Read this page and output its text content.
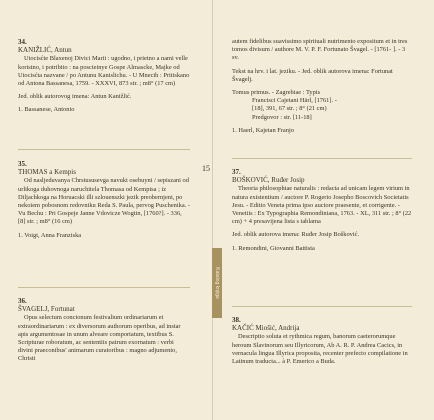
34.
KANIŽLIĆ, Antun
Utocisćte Blaxenoj Divici Marii : ugodno, i prietno a nami velle koristno, i potribito : na poscteinye Gospe Almascke, Majke od Utocisćta nazvane / po Antunu Kanislichu. - U Mnecih : Pritiskano od Antona Bassanesa, 1759. - XXXVI, 873 str. ; m8° (17 cm)
Jed. oblik autorovog imena: Antun Kanižlić.
1. Bassanese, Antonio
35.
THOMAS a Kempis
Od nasljeduvanya Chrstususevga navuki osebuyni / sepiszani od urlikoga duhovnoga naruchitela Thomasa od Kempisa ; iz Diljachkoga na Horuacski illi szlouenszki jezik preobernjeni, po nekoiem pobosnom redovniku Reda S. Paula, pervog Puschenika. - Vu Bechu : Pri Gospeje Janne Vdovicze Wogtin, [1760?]. - 336, [8] str. ; m8° (16 cm)
1. Voigt, Anna Franziska
36.
ŠVAGELJ, Fortunat
Opus selectum concionum festivalium ordinariarum et extraordinariarum : ex diversorum authorum operibus, ad instar apis argumentosae in unum alveare comportatum, textibus S. Scripturae roboratum, ac sententiis patrum exornatum : verbi divini praeconibus' animarum curatoribus : magno adjumento, Christi
15
Katalog knjiga
autem fidelibus suavissimo spirituali nutrimento expositum et in tres tomos divisum / authore M. V. P. F. Fortunato Švagel. - [1761- ]. - 3 sv.
Tekst na hrv. i lat. jeziku. - Jed. oblik autorova imena: Fortunat Švagelj.
Tomus primus. - Zagrebiae : Typis
Francisci Cajetani Härl, [1761]. -
[18], 391, 67 str. ; 8° (21 cm)
Predgovor : str. [11-18]
1. Haerl, Kajetan Franjo
37.
BOŠKOVIĆ, Ruđer Josip
Theoria philosophiae naturalis : redacta ad unicam legem virium in natura existentium / auctore P. Rogerio Josepho Boscovich Societatis Jesu. - Editio Veneta prima ipso auctore praesente, et corrigente. - Venetiis : Ex Typographia Remondiniana, 1763. - XL, 311 str. ; 8° (22 cm) + 4 presavijena lista s tablama
Jed. oblik autorova imena: Ruđer Josip Bošković.
1. Remondini, Giovanni Battista
38.
KAČIĆ Miošić, Andrija
Descriptio soluta et rythmica regum, banorum caeterorumque heroum Slavinorum seu Illyricorum, Ab A. R. P. Andrea Cacics, in vernacula lingua Illyrica proposita, recenter prefecto compilatione in Latinum traducta... à P. Emerico a Buda.
